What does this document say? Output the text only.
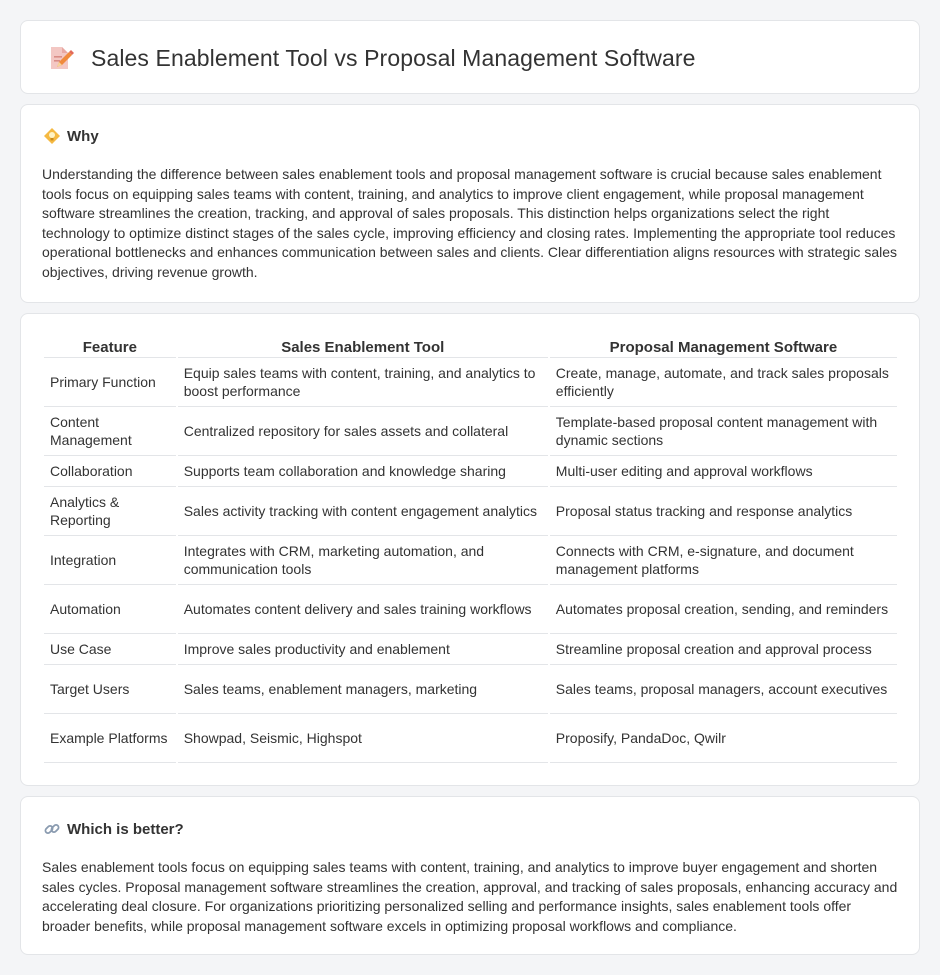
Sales Enablement Tool vs Proposal Management Software
Why

Understanding the difference between sales enablement tools and proposal management software is crucial because sales enablement tools focus on equipping sales teams with content, training, and analytics to improve client engagement, while proposal management software streamlines the creation, tracking, and approval of sales proposals. This distinction helps organizations select the right technology to optimize distinct stages of the sales cycle, improving efficiency and closing rates. Implementing the appropriate tool reduces operational bottlenecks and enhances communication between sales and clients. Clear differentiation aligns resources with strategic sales objectives, driving revenue growth.

Feature	Sales Enablement Tool	Proposal Management Software
Primary Function	Equip sales teams with content, training, and analytics to boost performance	Create, manage, automate, and track sales proposals efficiently
Content Management	Centralized repository for sales assets and collateral	Template-based proposal content management with dynamic sections
Collaboration	Supports team collaboration and knowledge sharing	Multi-user editing and approval workflows
Analytics & Reporting	Sales activity tracking with content engagement analytics	Proposal status tracking and response analytics
Integration	Integrates with CRM, marketing automation, and communication tools	Connects with CRM, e-signature, and document management platforms
Automation	Automates content delivery and sales training workflows	Automates proposal creation, sending, and reminders
Use Case	Improve sales productivity and enablement	Streamline proposal creation and approval process
Target Users	Sales teams, enablement managers, marketing	Sales teams, proposal managers, account executives
Example Platforms	Showpad, Seismic, Highspot	Proposify, PandaDoc, Qwilr
Which is better?

Sales enablement tools focus on equipping sales teams with content, training, and analytics to improve buyer engagement and shorten sales cycles. Proposal management software streamlines the creation, approval, and tracking of sales proposals, enhancing accuracy and accelerating deal closure. For organizations prioritizing personalized selling and performance insights, sales enablement tools offer broader benefits, while proposal management software excels in optimizing proposal workflows and compliance.
